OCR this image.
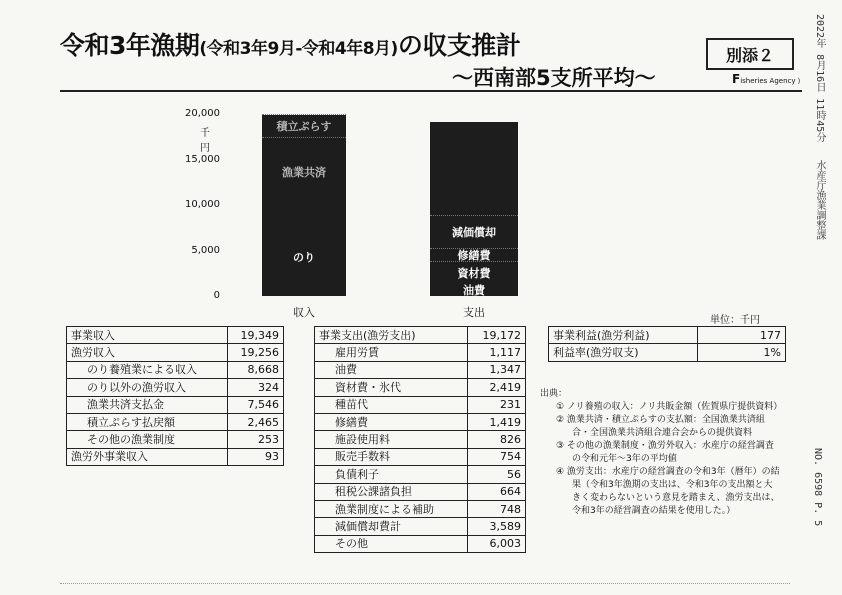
令和3年漁期(令和3年9月-令和4年8月)の収支推計
～西南部5支所平均～
別添２
Fisheries Agency ⟩ 2022年 8月16日 11時45分
水産庁漁業調整課
NO. 6598 P. 5
20,000
15,000
10,000
5,000
0
千円
のり
漁業共済
積立ぷらす
油費
資材費
修繕費
減価償却
収入	支出
事業収入	19,349
漁労収入	19,256
のり養殖業による収入	8,668
のり以外の漁労収入	324
漁業共済支払金	7,546
積立ぷらす払戻額	2,465
その他の漁業制度	253
漁労外事業収入	93
事業支出(漁労支出)	19,172
雇用労賃	1,117
油費	1,347
資材費・氷代	2,419
種苗代	231
修繕費	1,419
施設使用料	826
販売手数料	754
負債利子	56
租税公課諸負担	664
漁業制度による補助	748
減価償却費計	3,589
その他	6,003
単位：千円
事業利益(漁労利益)	177
利益率(漁労収支)	1%
出典：
① ノリ養殖の収入：ノリ共販金額（佐賀県庁提供資料）
② 漁業共済・積立ぷらすの支払額：全国漁業共済組合・全国漁業共済組合連合会からの提供資料
③ その他の漁業制度・漁労外収入：水産庁の経営調査の令和元年～3年の平均値
④ 漁労支出：水産庁の経営調査の令和3年（暦年）の結果（令和3年漁期の支出は、令和3年の支出額と大きく変わらないという意見を踏まえ、漁労支出は、令和3年の経営調査の結果を使用した。）
